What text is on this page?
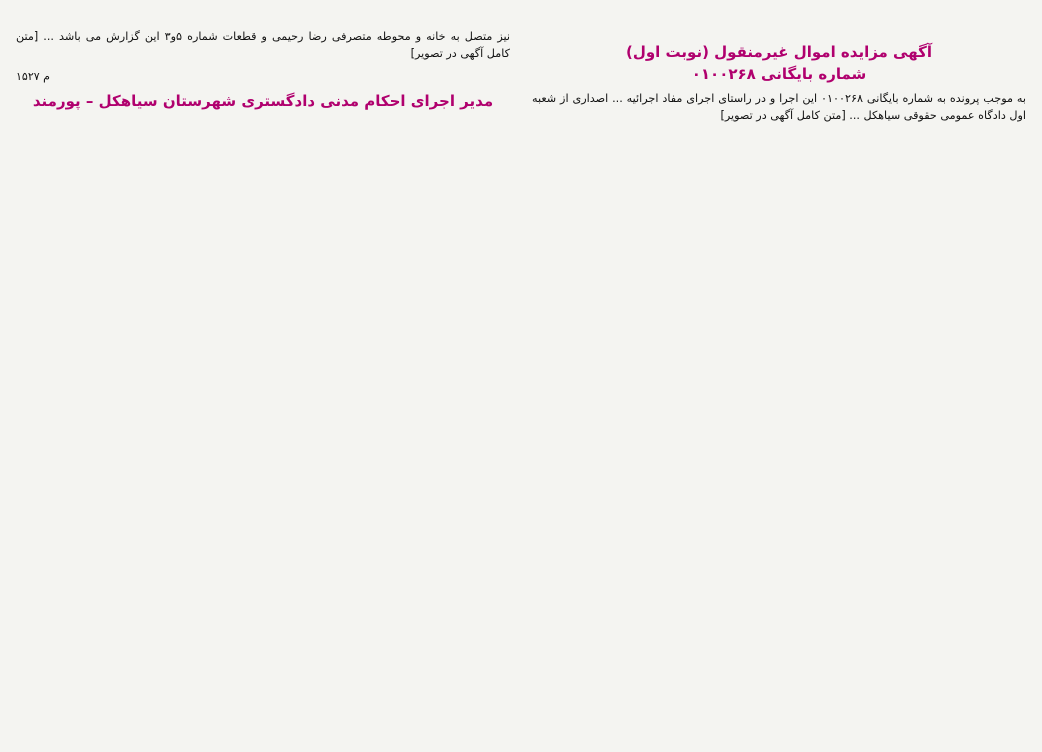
آگهی مزایده اموال غیرمنقول (نوبت اول)
شماره بایگانی ۰۱۰۰۲۶۸

به موجب پرونده به شماره بایگانی ۰۱۰۰۲۶۸ این اجرا و در راستای اجرای مفاد اجرائیه ... اصداری از شعبه اول دادگاه عمومی حقوقی سیاهکل ... [متن کامل آگهی در تصویر]

نیز متصل به خانه و محوطه متصرفی رضا رحیمی و قطعات شماره ۵و۳ این گزارش می باشد ... [متن کامل آگهی در تصویر]

م ۱۵۲۷
مدیر اجرای احکام مدنی دادگستری شهرستان سیاهکل – پورمند
